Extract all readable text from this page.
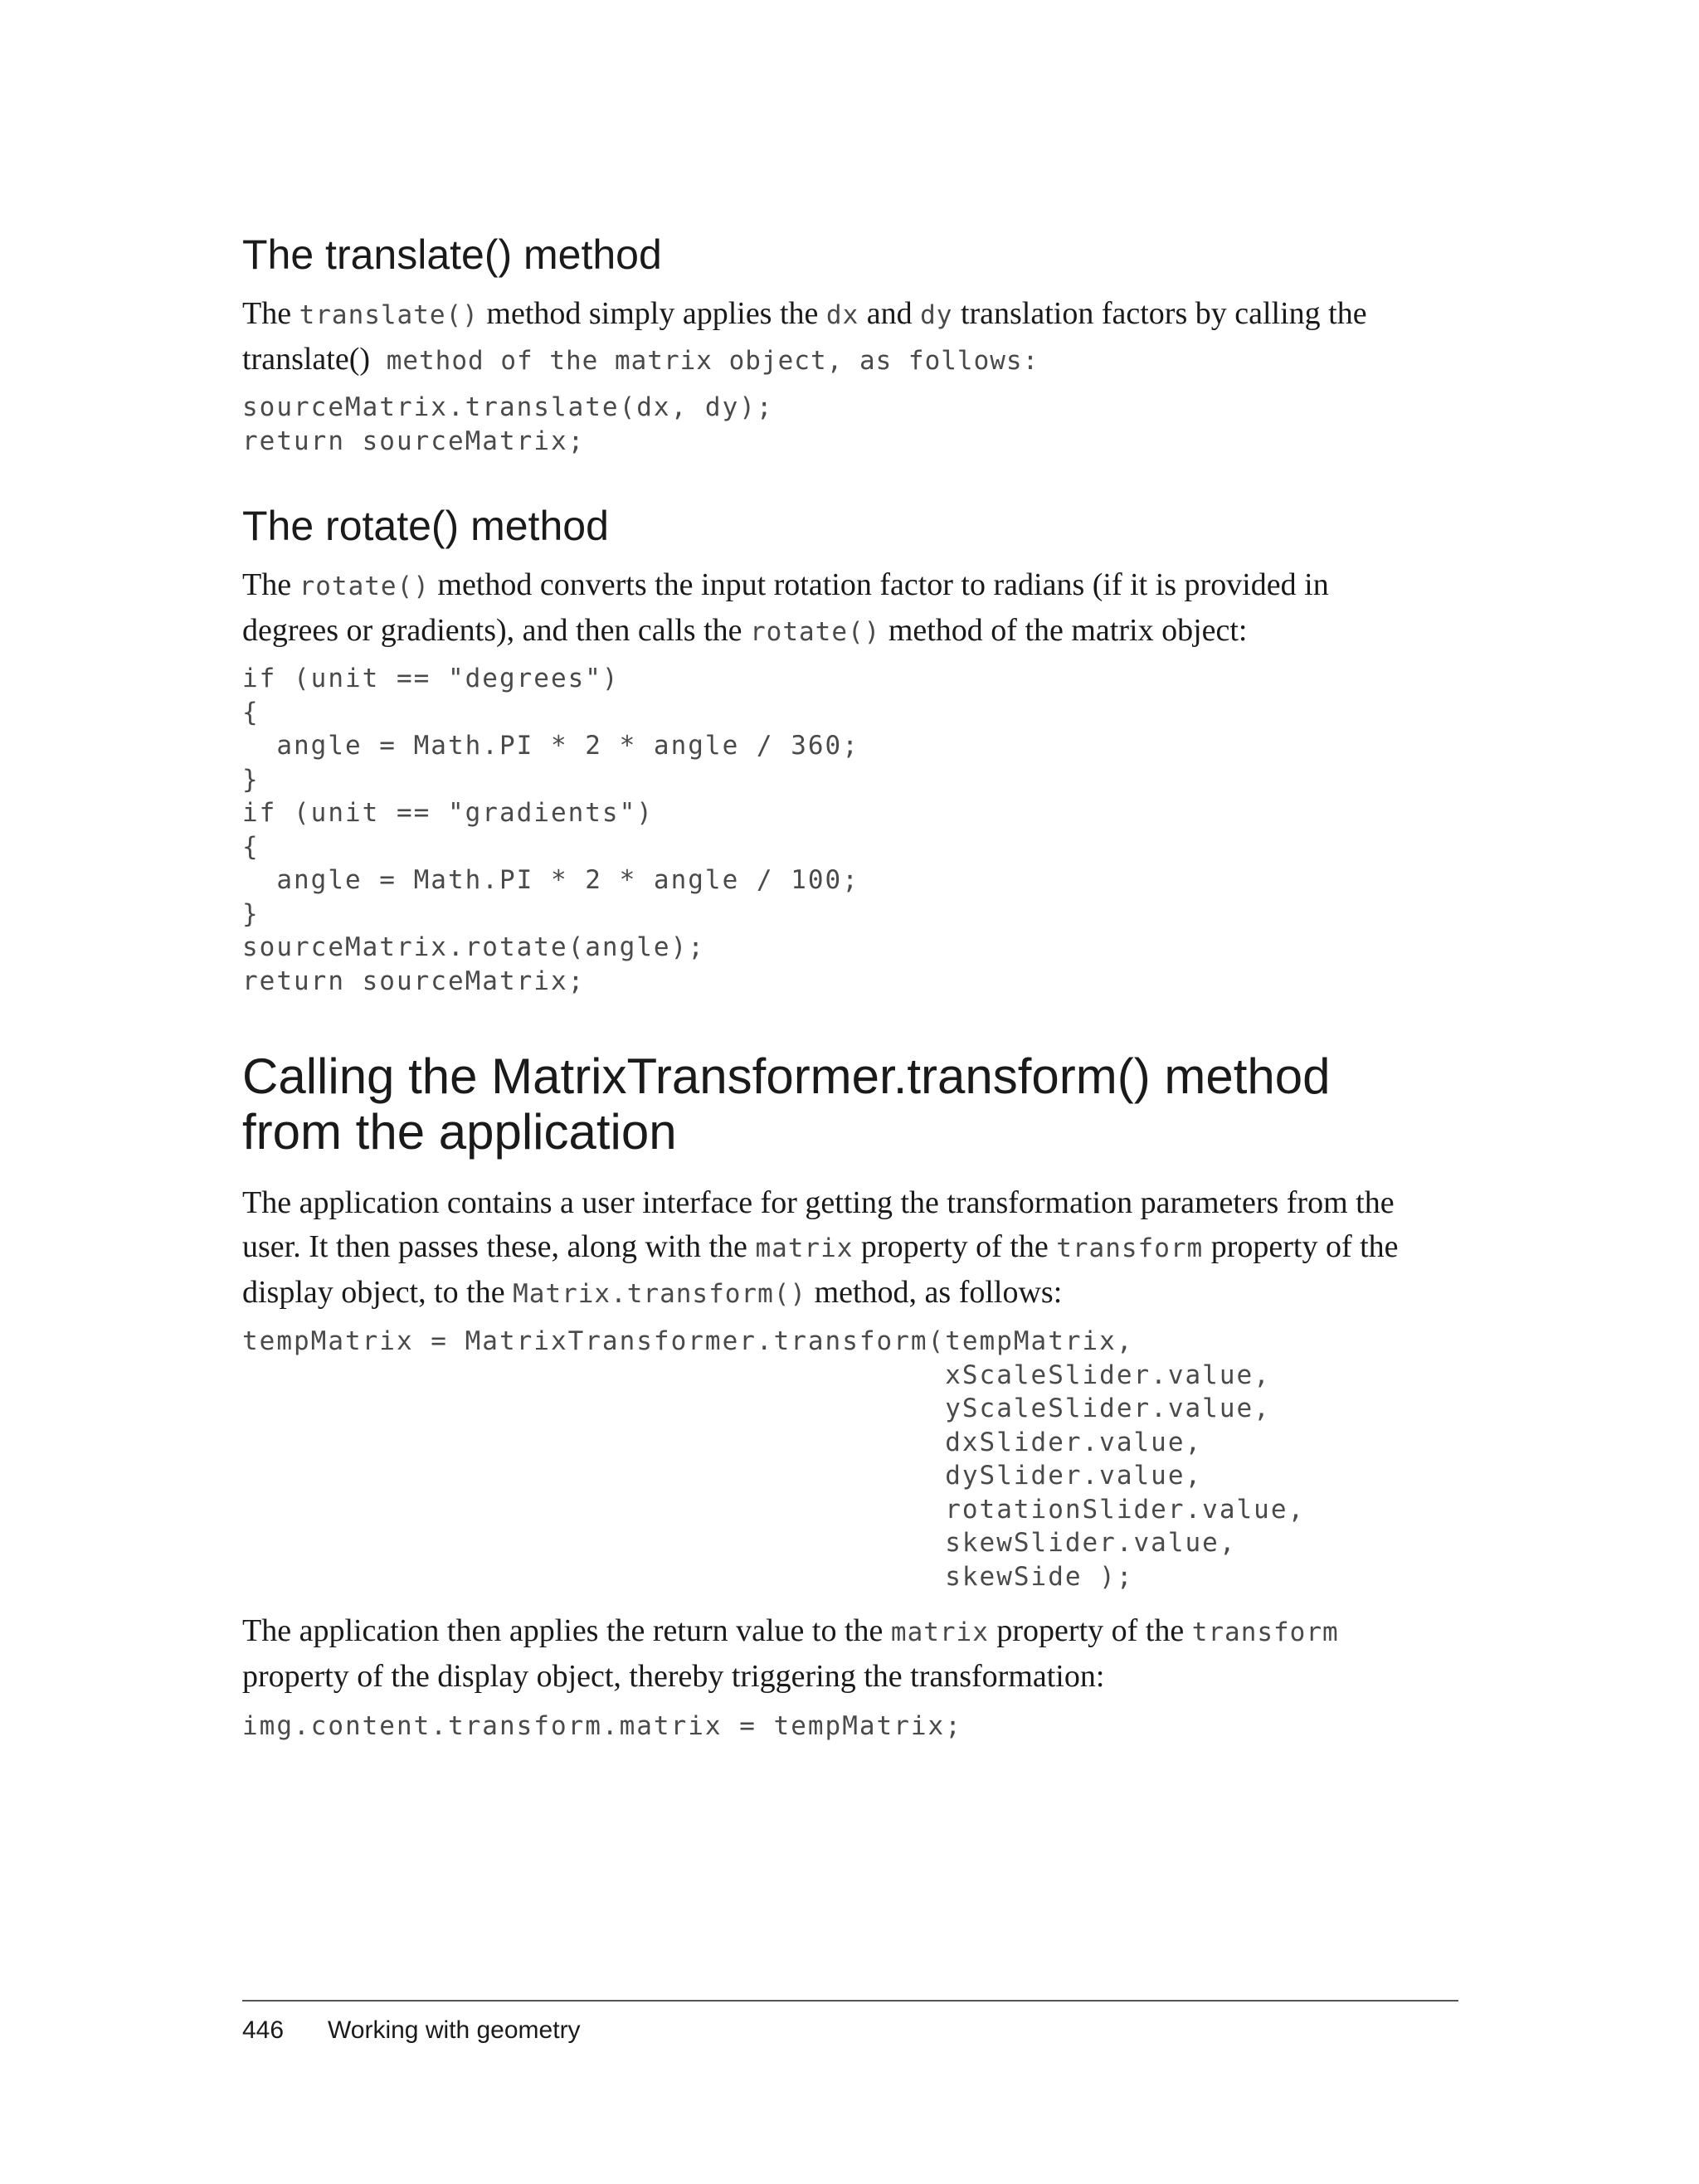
The translate() method
The translate() method simply applies the dx and dy translation factors by calling the
translate() method of the matrix object, as follows:
sourceMatrix.translate(dx, dy);
return sourceMatrix;
The rotate() method
The rotate() method converts the input rotation factor to radians (if it is provided in
degrees or gradients), and then calls the rotate() method of the matrix object:
if (unit == "degrees")
{
angle = Math.PI * 2 * angle / 360;
}
if (unit == "gradients")
{
angle = Math.PI * 2 * angle / 100;
}
sourceMatrix.rotate(angle);
return sourceMatrix;
Calling the MatrixTransformer.transform() method
from the application
The application contains a user interface for getting the transformation parameters from the
user. It then passes these, along with the matrix property of the transform property of the
display object, to the Matrix.transform() method, as follows:
tempMatrix = MatrixTransformer.transform(tempMatrix,
xScaleSlider.value,
yScaleSlider.value,
dxSlider.value,
dySlider.value,
rotationSlider.value,
skewSlider.value,
skewSide );
The application then applies the return value to the matrix property of the transform
property of the display object, thereby triggering the transformation:
img.content.transform.matrix = tempMatrix;

446 Working with geometry
